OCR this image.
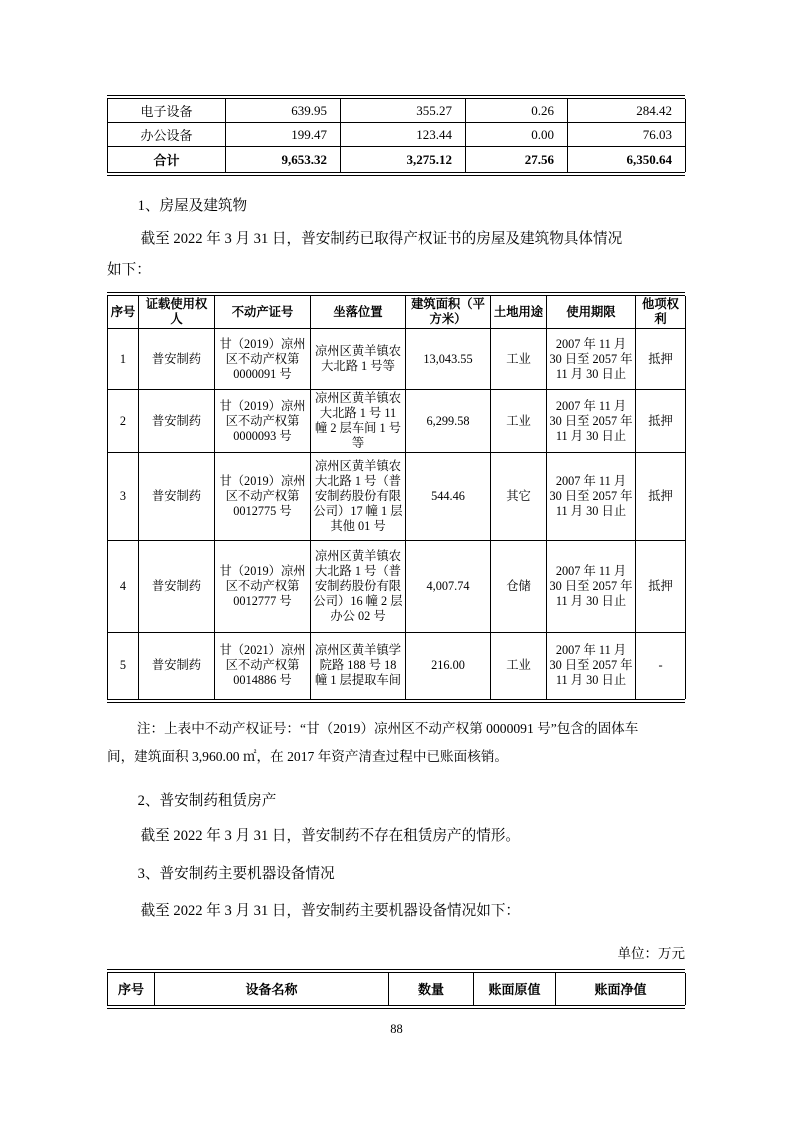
电子设备	639.95	355.27	0.26	284.42
办公设备	199.47	123.44	0.00	76.03
合计	9,653.32	3,275.12	27.56	6,350.64
1、房屋及建筑物
截至 2022 年 3 月 31 日，普安制药已取得产权证书的房屋及建筑物具体情况
如下：
序号	证载使用权人	不动产证号	坐落位置	建筑面积（平方米）	土地用途	使用期限	他项权利
1	普安制药	甘（2019）凉州区不动产权第 0000091 号	凉州区黄羊镇农大北路 1 号等	13,043.55	工业	2007 年 11 月 30 日至 2057 年 11 月 30 日止	抵押
2	普安制药	甘（2019）凉州区不动产权第 0000093 号	凉州区黄羊镇农大北路 1 号 11 幢 2 层车间 1 号等	6,299.58	工业	2007 年 11 月 30 日至 2057 年 11 月 30 日止	抵押
3	普安制药	甘（2019）凉州区不动产权第 0012775 号	凉州区黄羊镇农大北路 1 号（普安制药股份有限公司）17 幢 1 层其他 01 号	544.46	其它	2007 年 11 月 30 日至 2057 年 11 月 30 日止	抵押
4	普安制药	甘（2019）凉州区不动产权第 0012777 号	凉州区黄羊镇农大北路 1 号（普安制药股份有限公司）16 幢 2 层办公 02 号	4,007.74	仓储	2007 年 11 月 30 日至 2057 年 11 月 30 日止	抵押
5	普安制药	甘（2021）凉州区不动产权第 0014886 号	凉州区黄羊镇学院路 188 号 18 幢 1 层提取车间	216.00	工业	2007 年 11 月 30 日至 2057 年 11 月 30 日止	-
注：上表中不动产权证号：“甘（2019）凉州区不动产权第 0000091 号”包含的固体车
间，建筑面积 3,960.00 ㎡，在 2017 年资产清查过程中已账面核销。
2、普安制药租赁房产
截至 2022 年 3 月 31 日，普安制药不存在租赁房产的情形。
3、普安制药主要机器设备情况
截至 2022 年 3 月 31 日，普安制药主要机器设备情况如下：
单位：万元
序号	设备名称	数量	账面原值	账面净值
88
